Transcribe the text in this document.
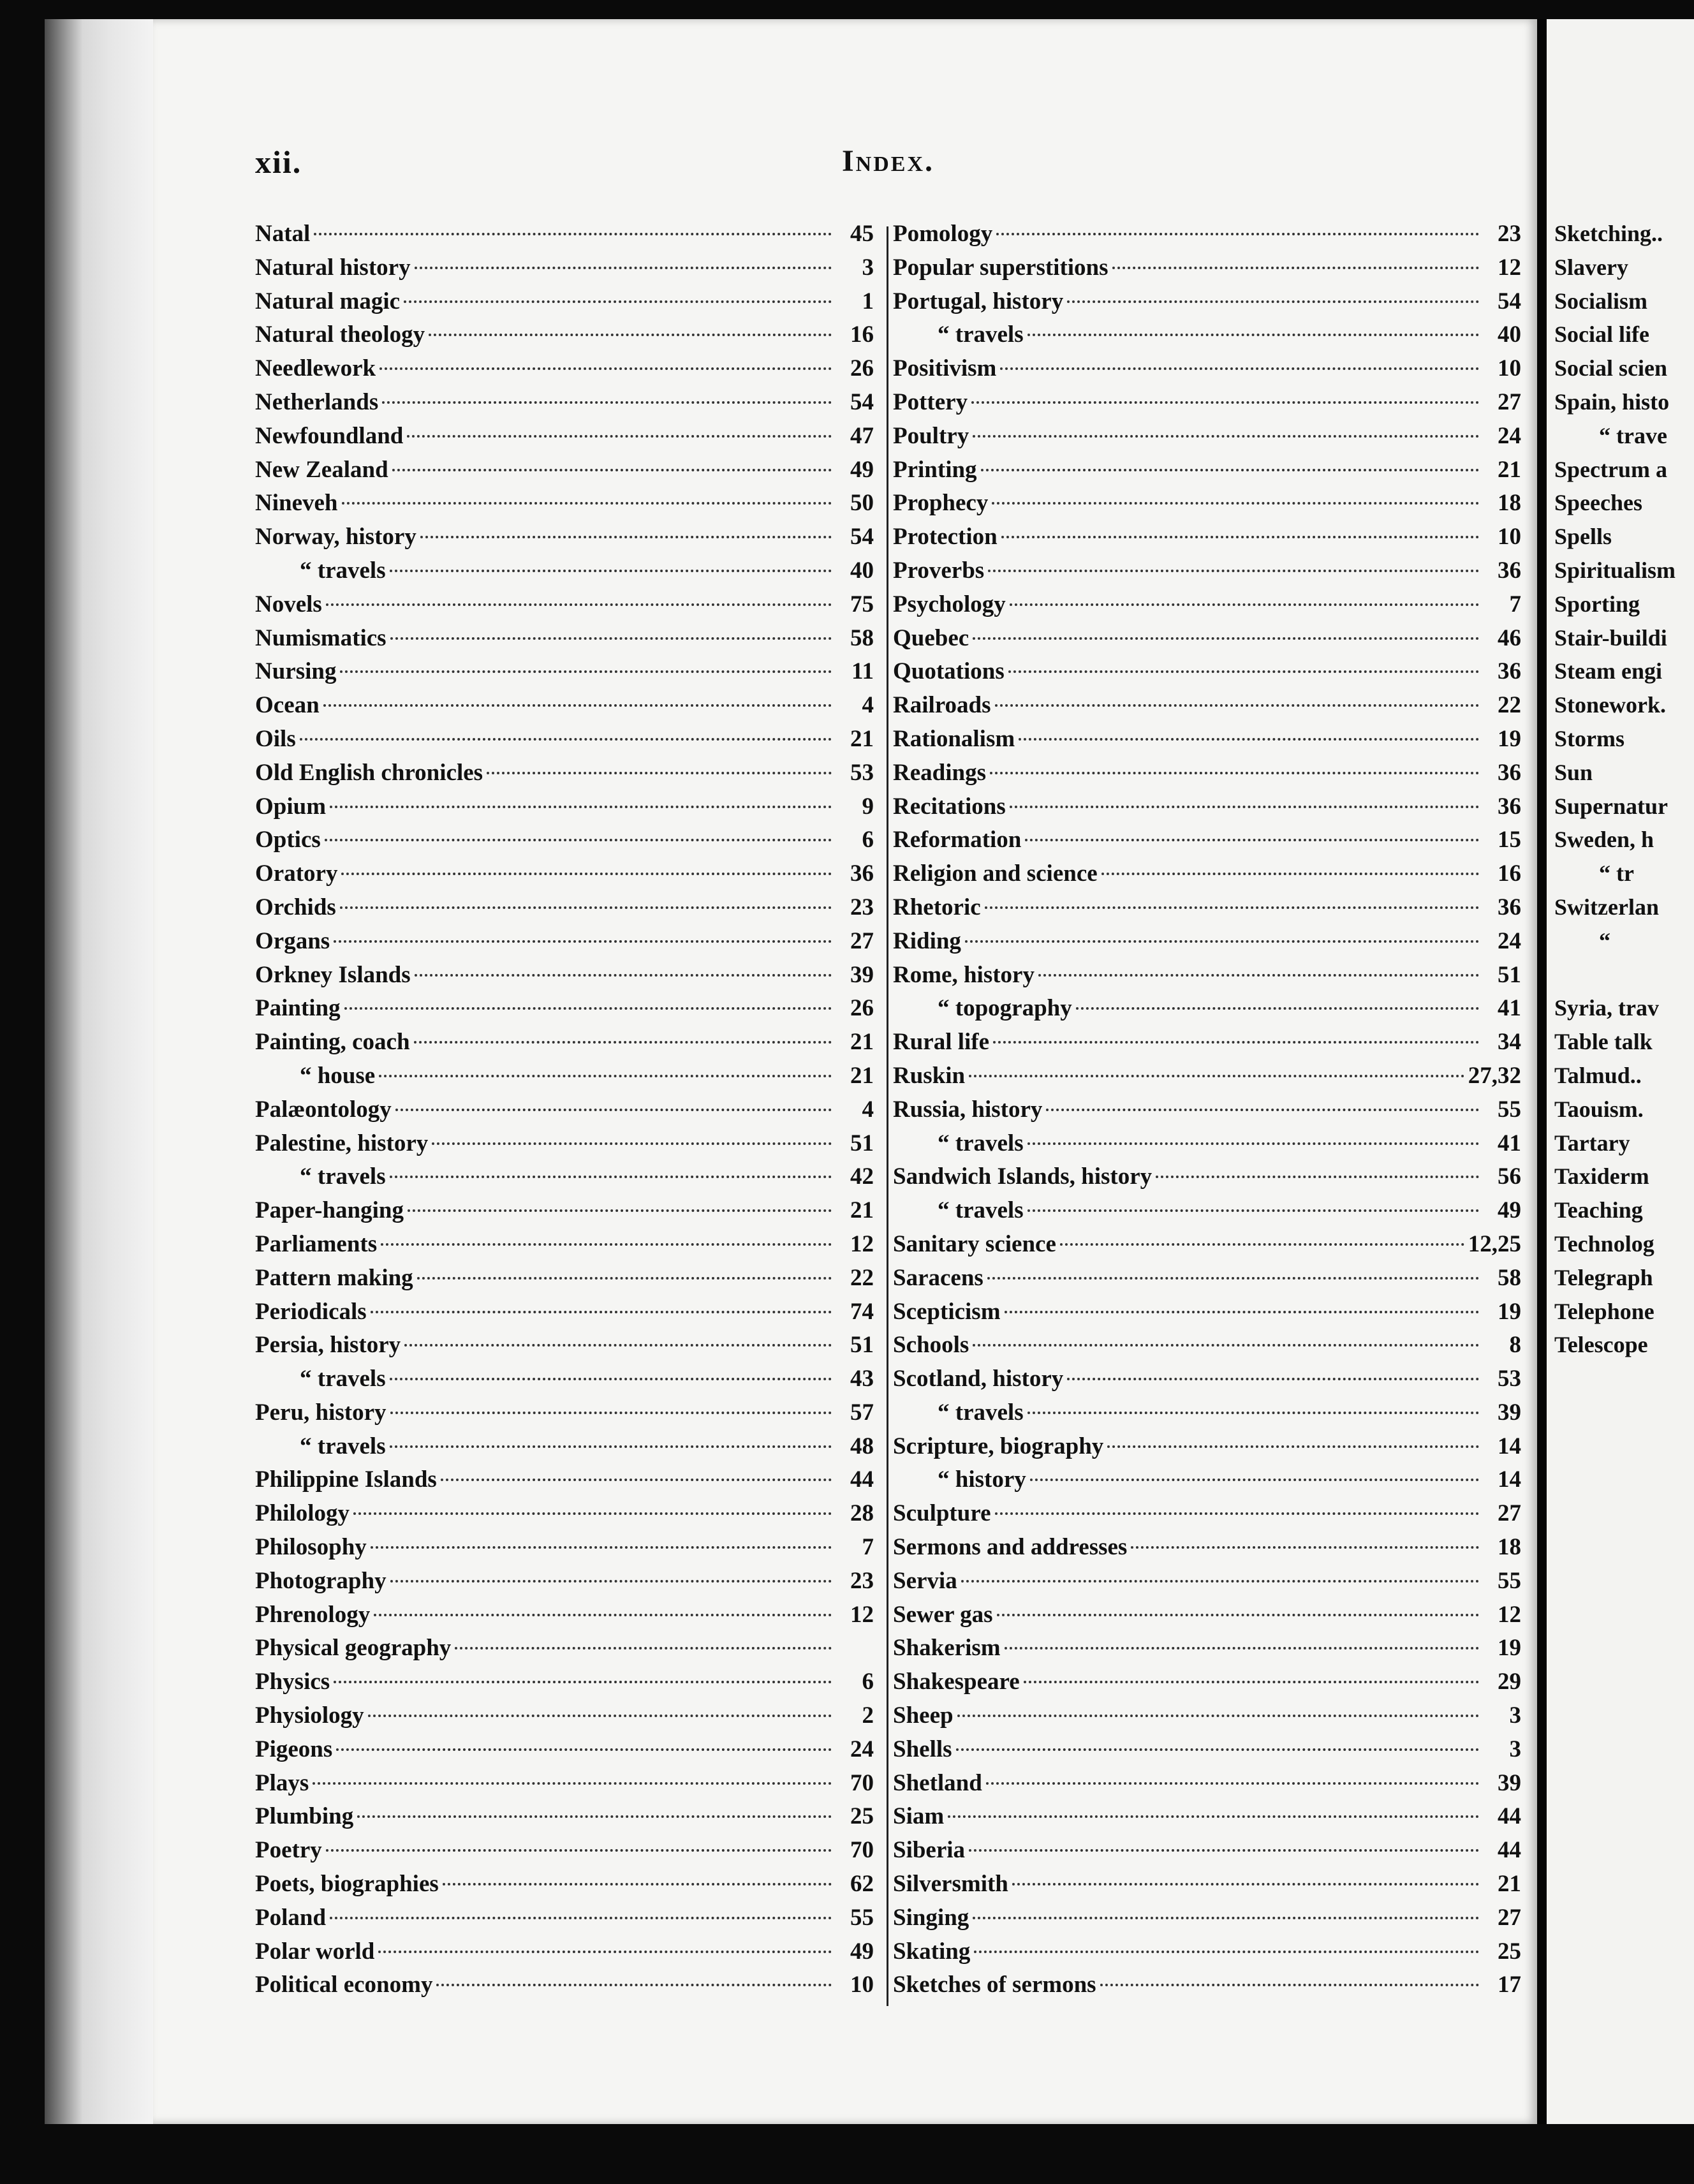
xii.	Index.
Natal	45
Natural history	3
Natural magic	1
Natural theology	16
Needlework	26
Netherlands	54
Newfoundland	47
New Zealand	49
Nineveh	50
Norway, history	54
“ travels	40
Novels	75
Numismatics	58
Nursing	11
Ocean	4
Oils	21
Old English chronicles	53
Opium	9
Optics	6
Oratory	36
Orchids	23
Organs	27
Orkney Islands	39
Painting	26
Painting, coach	21
“ house	21
Palæontology	4
Palestine, history	51
“ travels	42
Paper-hanging	21
Parliaments	12
Pattern making	22
Periodicals	74
Persia, history	51
“ travels	43
Peru, history	57
“ travels	48
Philippine Islands	44
Philology	28
Philosophy	7
Photography	23
Phrenology	12
Physical geography
Physics	6
Physiology	2
Pigeons	24
Plays	70
Plumbing	25
Poetry	70
Poets, biographies	62
Poland	55
Polar world	49
Political economy	10
Pomology	23
Popular superstitions	12
Portugal, history	54
“ travels	40
Positivism	10
Pottery	27
Poultry	24
Printing	21
Prophecy	18
Protection	10
Proverbs	36
Psychology	7
Quebec	46
Quotations	36
Railroads	22
Rationalism	19
Readings	36
Recitations	36
Reformation	15
Religion and science	16
Rhetoric	36
Riding	24
Rome, history	51
“ topography	41
Rural life	34
Ruskin	27,32
Russia, history	55
“ travels	41
Sandwich Islands, history	56
“ travels	49
Sanitary science	12,25
Saracens	58
Scepticism	19
Schools	8
Scotland, history	53
“ travels	39
Scripture, biography	14
“ history	14
Sculpture	27
Sermons and addresses	18
Servia	55
Sewer gas	12
Shakerism	19
Shakespeare	29
Sheep	3
Shells	3
Shetland	39
Siam	44
Siberia	44
Silversmith	21
Singing	27
Skating	25
Sketches of sermons	17
Sketching..
Slavery
Socialism
Social life
Social scien
Spain, histo
“ trave
Spectrum a
Speeches
Spells
Spiritualism
Sporting
Stair-buildi
Steam engi
Stonework.
Storms
Sun
Supernatur
Sweden, h
“ tr
Switzerlan
“
Syria, trav
Table talk
Talmud..
Taouism.
Tartary
Taxiderm
Teaching
Technolog
Telegraph
Telephone
Telescope
